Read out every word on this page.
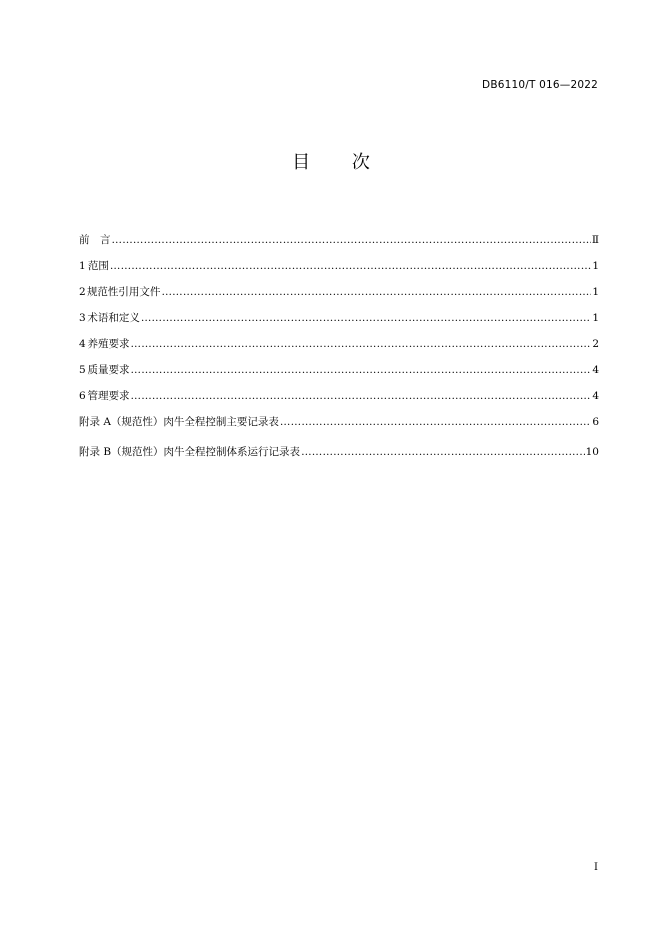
DB6110/T 016—2022
目 次
前　言 ……………………………………………………………………………………………………………………………………………………………………………………………………………………………………	Ⅱ
1 范围 ……………………………………………………………………………………………………………………………………………………………………………………………………………………………………	1
2 规范性引用文件 ……………………………………………………………………………………………………………………………………………………………………………………………………………………………………	1
3 术语和定义 ……………………………………………………………………………………………………………………………………………………………………………………………………………………………………	1
4 养殖要求 ……………………………………………………………………………………………………………………………………………………………………………………………………………………………………	2
5 质量要求 ……………………………………………………………………………………………………………………………………………………………………………………………………………………………………	4
6 管理要求 ……………………………………………………………………………………………………………………………………………………………………………………………………………………………………	4
附录 A（规范性）肉牛全程控制主要记录表 ……………………………………………………………………………………………………………………………………………………………………………………………………………………………………	6
附录 B（规范性）肉牛全程控制体系运行记录表 ……………………………………………………………………………………………………………………………………………………………………………………………………………………………………	10
I
